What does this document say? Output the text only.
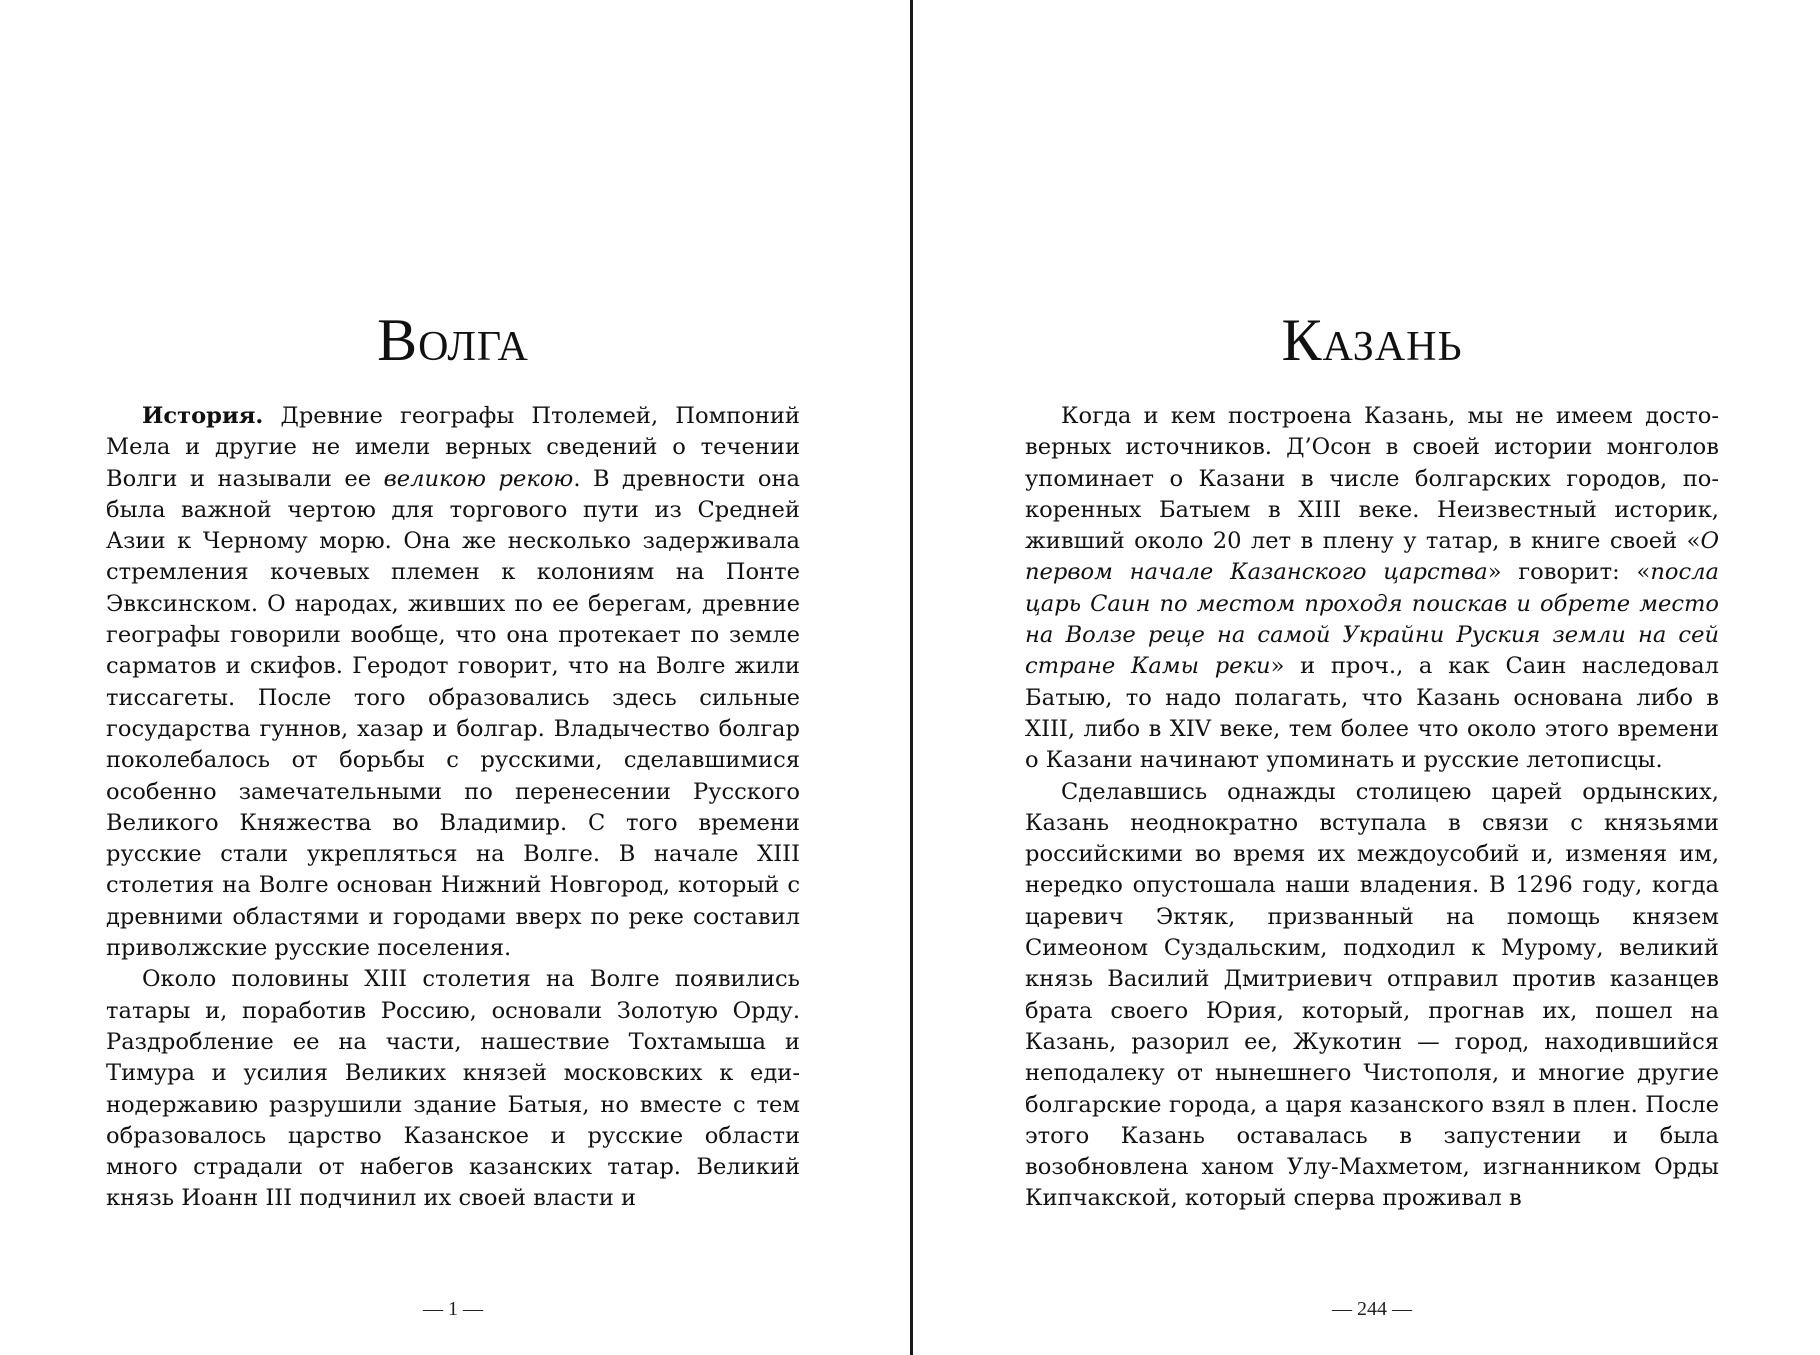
Волга

История. Древние географы Птолемей, Помпоний Мела и другие не имели верных сведений о течении Волги и называли ее великою рекою. В древности она была важной чертою для торгового пути из Средней Азии к Черному морю. Она же несколько задерживала стремления кочевых племен к колониям на Понте Эвксинском. О народах, живших по ее берегам, древние географы говорили вообще, что она протекает по земле сарматов и скифов. Геродот говорит, что на Волге жили тиссагеты. После того образовались здесь сильные государства гуннов, хазар и болгар. Владычество болгар поколебалось от борьбы с русскими, сделавшимися особенно замечательными по перенесении Русского Великого Княжества во Владимир. С того времени русские стали укрепляться на Волге. В начале XIII столетия на Волге основан Нижний Новгород, который с древними областями и городами вверх по реке составил приволжские русские поселения.

Около половины XIII столетия на Волге появились татары и, поработив Россию, основали Золотую Орду. Раздробление ее на части, нашествие Тохтамыша и Тимура и усилия Великих князей московских к единодержавию разрушили здание Батыя, но вместе с тем образовалось царство Казанское и русские области много страдали от набегов казанских татар. Великий князь Иоанн III подчинил их своей власти и

— 1 —
Казань

Когда и кем построена Казань, мы не имеем достоверных источников. Д’Осон в своей истории монголов упоминает о Казани в числе болгарских городов, покоренных Батыем в XIII веке. Неизвестный историк, живший около 20 лет в плену у татар, в книге своей «О первом начале Казанского царства» говорит: «посла царь Саин по местом проходя поискав и обрете место на Волзе реце на самой Украйни Руския земли на сей стране Камы реки» и проч., а как Саин наследовал Батыю, то надо полагать, что Казань основана либо в XIII, либо в XIV веке, тем более что около этого времени о Казани начинают упоминать и русские летописцы.

Сделавшись однажды столицею царей ордынских, Казань неоднократно вступала в связи с князьями российскими во время их междоусобий и, изменяя им, нередко опустошала наши владения. В 1296 году, когда царевич Эктяк, призванный на помощь князем Симеоном Суздальским, подходил к Мурому, великий князь Василий Дмитриевич отправил против казанцев брата своего Юрия, который, прогнав их, пошел на Казань, разорил ее, Жукотин — город, находившийся неподалеку от нынешнего Чистополя, и многие другие болгарские города, а царя казанского взял в плен. После этого Казань оставалась в запустении и была возобновлена ханом Улу-Махметом, изгнанником Орды Кипчакской, который сперва проживал в

— 244 —
